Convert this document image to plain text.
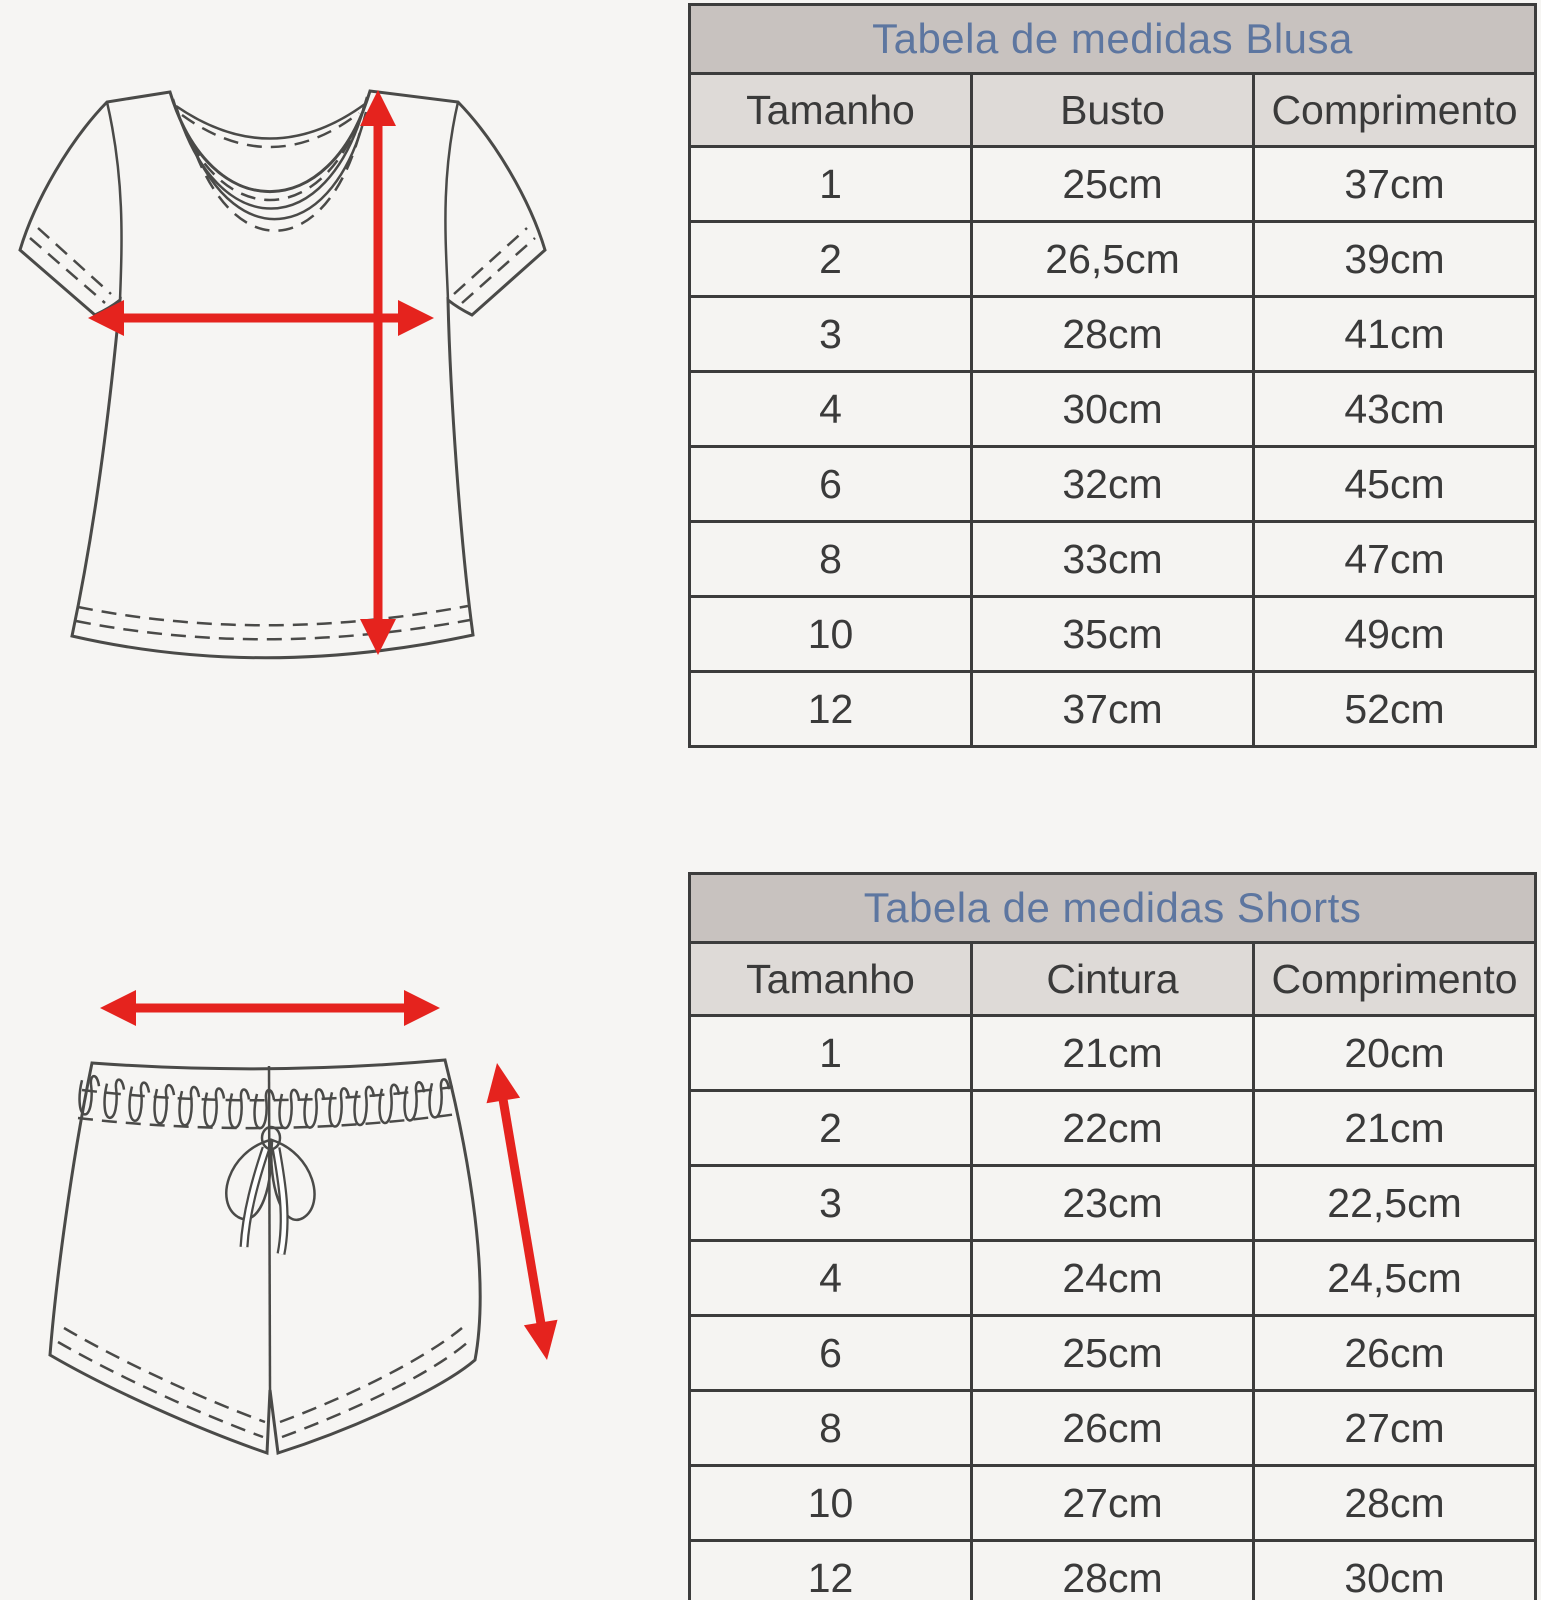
Tabela de medidas Blusa
Tamanho	Busto	Comprimento
1	25cm	37cm
2	26,5cm	39cm
3	28cm	41cm
4	30cm	43cm
6	32cm	45cm
8	33cm	47cm
10	35cm	49cm
12	37cm	52cm
Tabela de medidas Shorts
Tamanho	Cintura	Comprimento
1	21cm	20cm
2	22cm	21cm
3	23cm	22,5cm
4	24cm	24,5cm
6	25cm	26cm
8	26cm	27cm
10	27cm	28cm
12	28cm	30cm
